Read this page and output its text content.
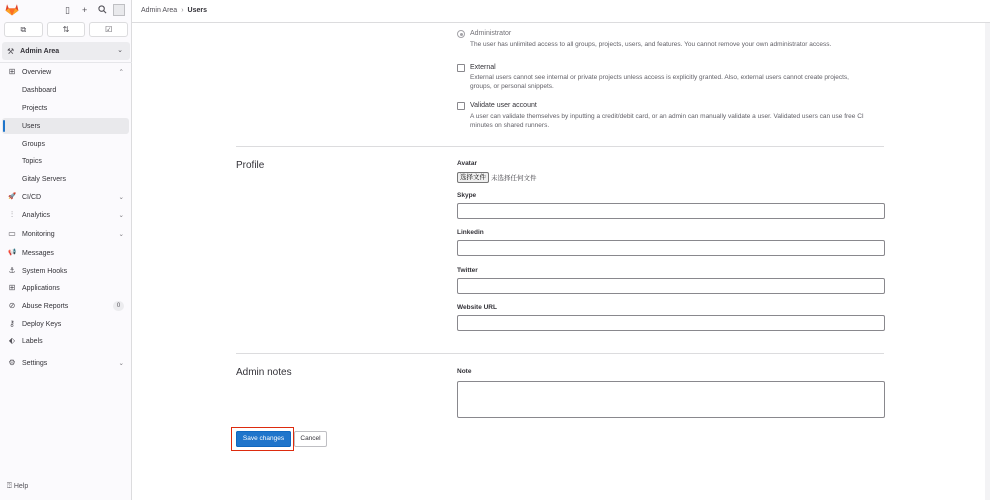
▯ +
⧉	⇅	☑
⚒ Admin Area	⌄
⊞ Overview	⌃
Dashboard
Projects
Users
Groups
Topics
Gitaly Servers
🚀 CI/CD	⌄
⫶	Analytics	⌄
▭ Monitoring	⌄
📢 Messages
⚓ System Hooks
⊞ Applications
⊘ Abuse Reports	0
⚷ Deploy Keys
⬖ Labels
⚙ Settings	⌄
⍰ Help
Admin Area › Users
Administrator
The user has unlimited access to all groups, projects, users, and features. You cannot remove your own administrator access.
External
External users cannot see internal or private projects unless access is explicitly granted. Also, external users cannot create projects, groups, or personal snippets.
Validate user account
A user can validate themselves by inputting a credit/debit card, or an admin can manually validate a user. Validated users can use free CI minutes on shared runners.
Profile	Avatar
选择文件 未选择任何文件
Skype
Linkedin
Twitter
Website URL
Admin notes	Note
Save changes	Cancel
